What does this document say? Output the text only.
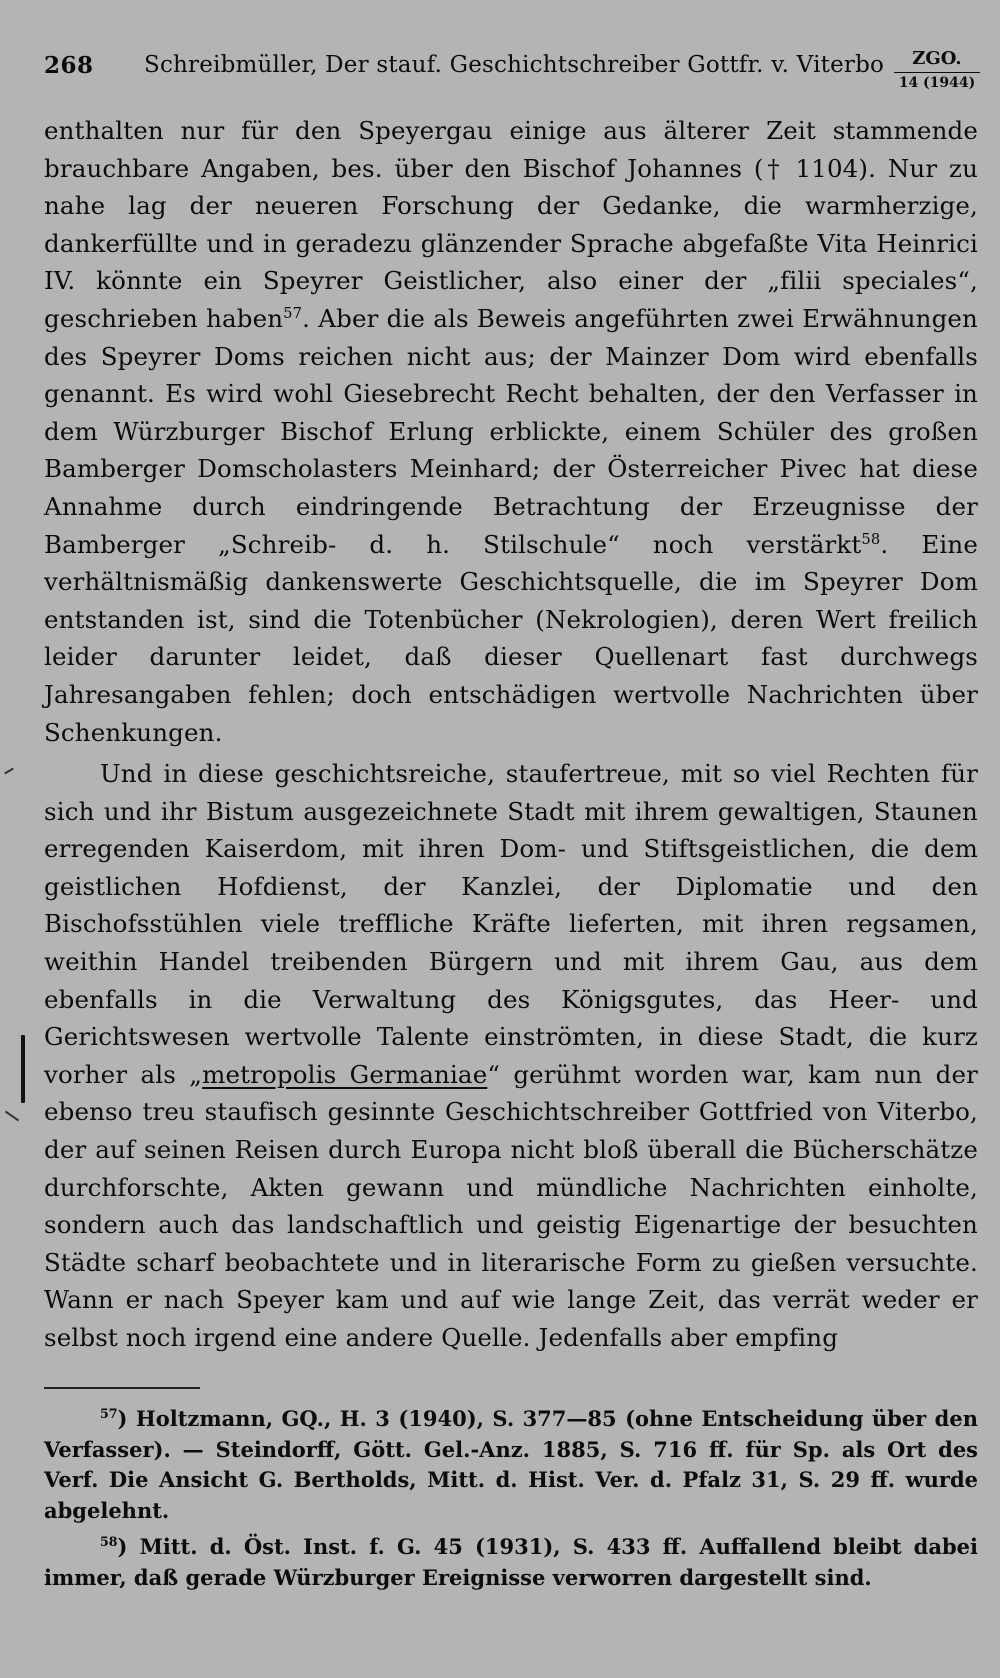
268 Schreibmüller, Der stauf. Geschichtschreiber Gottfr. v. Viterbo	ZGO.
14 (1944)

enthalten nur für den Speyergau einige aus älterer Zeit stammende brauchbare Angaben, bes. über den Bischof Johannes († 1104). Nur zu nahe lag der neueren Forschung der Gedanke, die warmherzige, dankerfüllte und in geradezu glänzender Sprache abgefaßte Vita Heinrici IV. könnte ein Speyrer Geistlicher, also einer der „filii speciales“, geschrieben haben$^{57}$. Aber die als Beweis angeführten zwei Erwähnungen des Speyrer Doms reichen nicht aus; der Mainzer Dom wird ebenfalls genannt. Es wird wohl Giesebrecht Recht behalten, der den Verfasser in dem Würzburger Bischof Erlung erblickte, einem Schüler des großen Bamberger Domscholasters Meinhard; der Österreicher Pivec hat diese Annahme durch eindringende Betrachtung der Erzeugnisse der Bamberger „Schreib- d. h. Stilschule“ noch verstärkt$^{58}$. Eine verhältnismäßig dankenswerte Geschichtsquelle, die im Speyrer Dom entstanden ist, sind die Totenbücher (Nekrologien), deren Wert freilich leider darunter leidet, daß dieser Quellenart fast durchwegs Jahresangaben fehlen; doch entschädigen wertvolle Nachrichten über Schenkungen.

Und in diese geschichtsreiche, staufertreue, mit so viel Rechten für sich und ihr Bistum ausgezeichnete Stadt mit ihrem gewaltigen, Staunen erregenden Kaiserdom, mit ihren Dom- und Stiftsgeistlichen, die dem geistlichen Hofdienst, der Kanzlei, der Diplomatie und den Bischofsstühlen viele treffliche Kräfte lieferten, mit ihren regsamen, weithin Handel treibenden Bürgern und mit ihrem Gau, aus dem ebenfalls in die Verwaltung des Königsgutes, das Heer- und Gerichtswesen wertvolle Talente einströmten, in diese Stadt, die kurz vorher als „metropolis Germaniae“ gerühmt worden war, kam nun der ebenso treu staufisch gesinnte Geschichtschreiber Gottfried von Viterbo, der auf seinen Reisen durch Europa nicht bloß überall die Bücherschätze durchforschte, Akten gewann und mündliche Nachrichten einholte, sondern auch das landschaftlich und geistig Eigenartige der besuchten Städte scharf beobachtete und in literarische Form zu gießen versuchte. Wann er nach Speyer kam und auf wie lange Zeit, das verrät weder er selbst noch irgend eine andere Quelle. Jedenfalls aber empfing

$^{57}$) Holtzmann, GQ., H. 3 (1940), S. 377—85 (ohne Entscheidung über den Verfasser). — Steindorff, Gött. Gel.-Anz. 1885, S. 716 ff. für Sp. als Ort des Verf. Die Ansicht G. Bertholds, Mitt. d. Hist. Ver. d. Pfalz 31, S. 29 ff. wurde abgelehnt.

$^{58}$) Mitt. d. Öst. Inst. f. G. 45 (1931), S. 433 ff. Auffallend bleibt dabei immer, daß gerade Würzburger Ereignisse verworren dargestellt sind.
